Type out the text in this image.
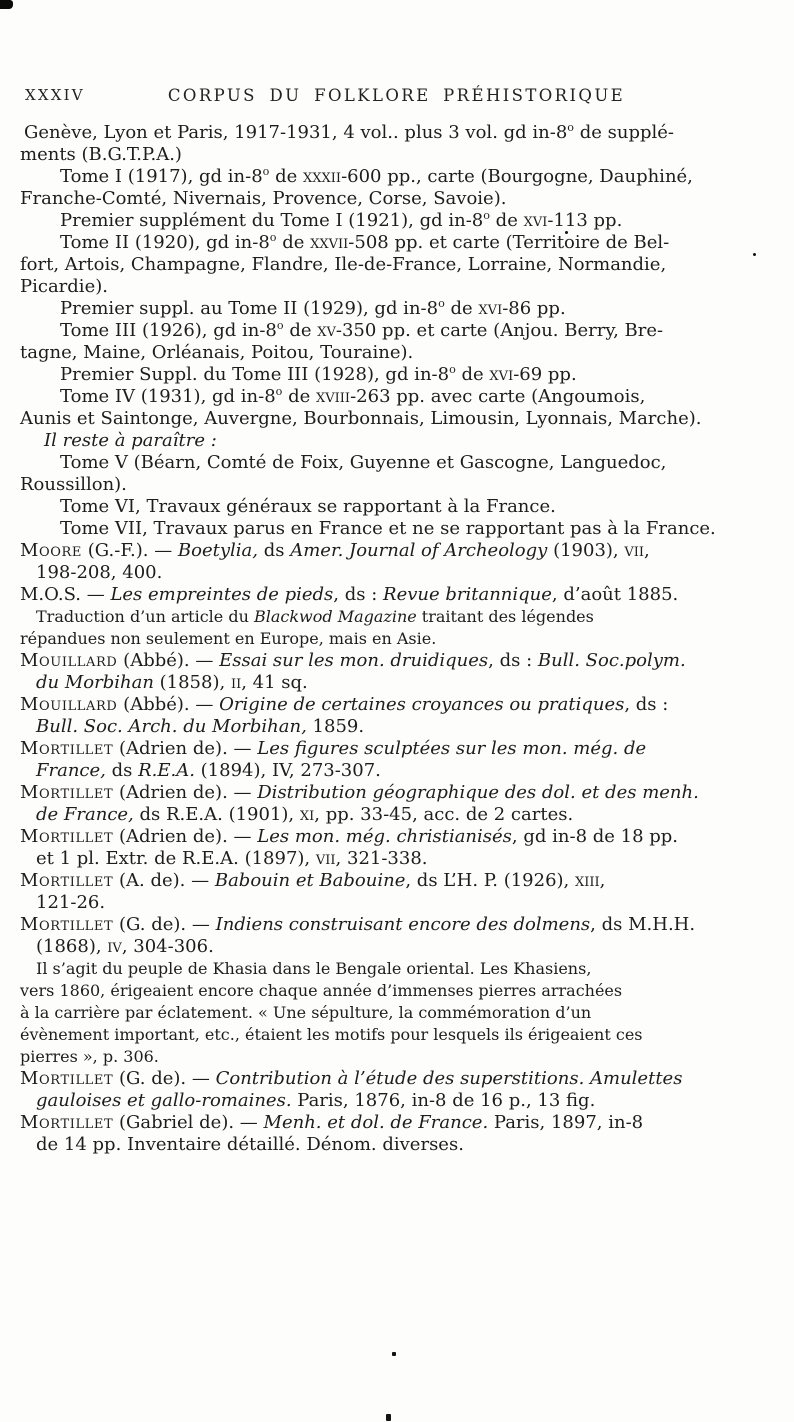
XXXIV	CORPUS DU FOLKLORE PRÉHISTORIQUE

Genève, Lyon et Paris, 1917-1931, 4 vol.. plus 3 vol. gd in-8$^o$ de supplé-
ments (B.G.T.P.A.)

Tome I (1917), gd in-8$^o$ de xxxii-600 pp., carte (Bourgogne, Dauphiné,
Franche-Comté, Nivernais, Provence, Corse, Savoie).

Premier supplément du Tome I (1921), gd in-8$^o$ de xvi-113 pp.

Tome II (1920), gd in-8$^o$ de xxvii-508 pp. et carte (Territoire de Bel-
fort, Artois, Champagne, Flandre, Ile-de-France, Lorraine, Normandie,
Picardie).

Premier suppl. au Tome II (1929), gd in-8$^o$ de xvi-86 pp.

Tome III (1926), gd in-8$^o$ de xv-350 pp. et carte (Anjou. Berry, Bre-
tagne, Maine, Orléanais, Poitou, Touraine).

Premier Suppl. du Tome III (1928), gd in-8$^o$ de xvi-69 pp.

Tome IV (1931), gd in-8$^o$ de xviii-263 pp. avec carte (Angoumois,
Aunis et Saintonge, Auvergne, Bourbonnais, Limousin, Lyonnais, Marche).

Il reste à paraître :

Tome V (Béarn, Comté de Foix, Guyenne et Gascogne, Languedoc,
Roussillon).

Tome VI, Travaux généraux se rapportant à la France.

Tome VII, Travaux parus en France et ne se rapportant pas à la France.

Moore (G.-F.). — Boetylia, ds Amer. Journal of Archeology (1903), vii,
198-208, 400.

M.O.S. — Les empreintes de pieds, ds : Revue britannique, d’août 1885.

Traduction d’un article du Blackwod Magazine traitant des légendes
répandues non seulement en Europe, mais en Asie.

Mouillard (Abbé). — Essai sur les mon. druidiques, ds : Bull. Soc.polym.
du Morbihan (1858), ii, 41 sq.

Mouillard (Abbé). — Origine de certaines croyances ou pratiques, ds :
Bull. Soc. Arch. du Morbihan, 1859.

Mortillet (Adrien de). — Les figures sculptées sur les mon. még. de
France, ds R.E.A. (1894), IV, 273-307.

Mortillet (Adrien de). — Distribution géographique des dol. et des menh.
de France, ds R.E.A. (1901), xi, pp. 33-45, acc. de 2 cartes.

Mortillet (Adrien de). — Les mon. még. christianisés, gd in-8 de 18 pp.
et 1 pl. Extr. de R.E.A. (1897), vii, 321-338.

Mortillet (A. de). — Babouin et Babouine, ds L’H. P. (1926), xiii,
121-26.

Mortillet (G. de). — Indiens construisant encore des dolmens, ds M.H.H.
(1868), iv, 304-306.

Il s’agit du peuple de Khasia dans le Bengale oriental. Les Khasiens,
vers 1860, érigeaient encore chaque année d’immenses pierres arrachées
à la carrière par éclatement. « Une sépulture, la commémoration d’un
évènement important, etc., étaient les motifs pour lesquels ils érigeaient ces
pierres », p. 306.

Mortillet (G. de). — Contribution à l’étude des superstitions. Amulettes
gauloises et gallo-romaines. Paris, 1876, in-8 de 16 p., 13 fig.

Mortillet (Gabriel de). — Menh. et dol. de France. Paris, 1897, in-8
de 14 pp. Inventaire détaillé. Dénom. diverses.
